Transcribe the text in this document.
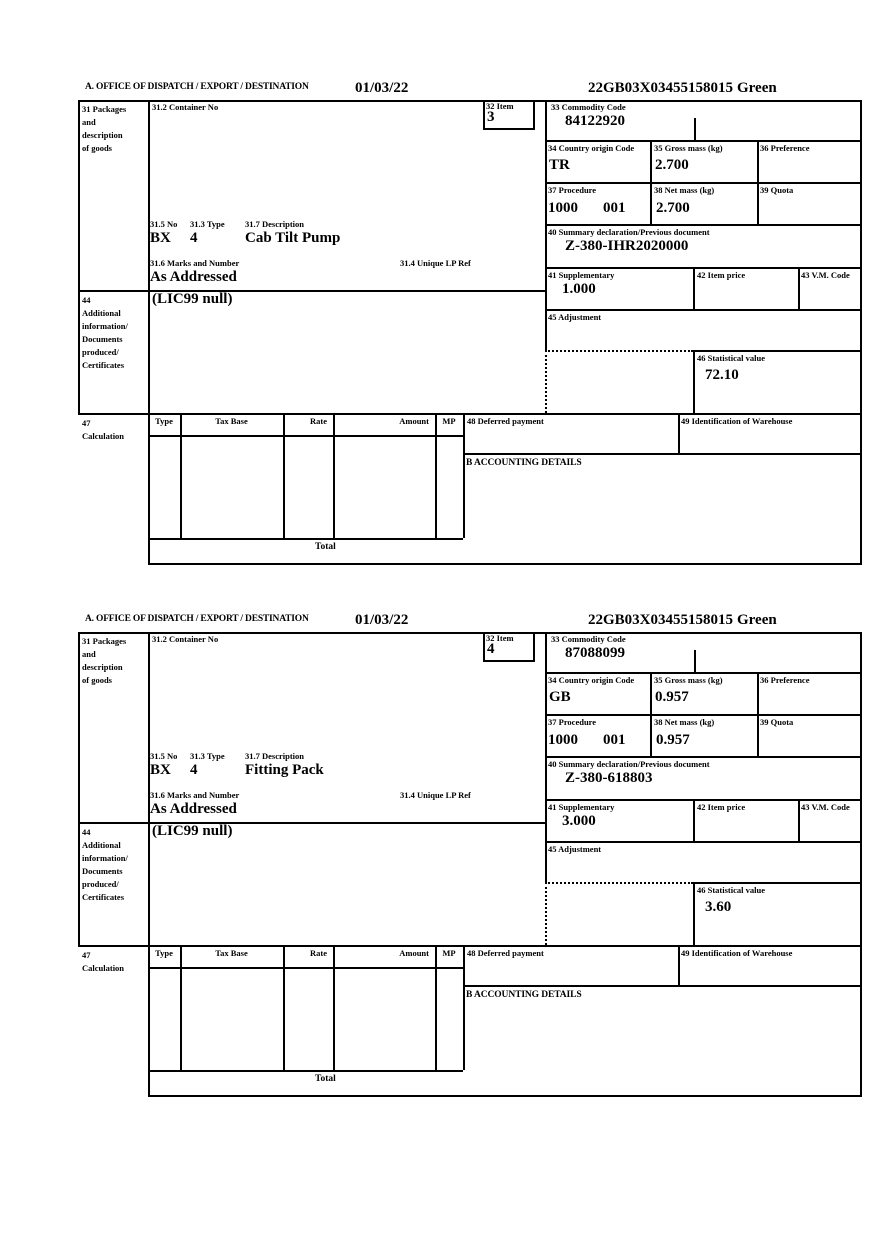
A. OFFICE OF DISPATCH / EXPORT / DESTINATION	01/03/22	22GB03X03455158015 Green
31 Packages
and
description
of goods
44
Additional
information/
Documents
produced/
Certificates
47
Calculation
31.2 Container No	32 Item
3
31.5 No 31.3 Type 31.7 Description
BX 4	Cab Tilt Pump
31.6 Marks and Number	31.4 Unique LP Ref
As Addressed
(LIC99 null)
33 Commodity Code
84122920
34 Country origin Code
TR
35 Gross mass (kg)
2.700
36 Preference
37 Procedure
1000 001
38 Net mass (kg)
2.700
39 Quota
40 Summary declaration/Previous document
Z-380-IHR2020000
41 Supplementary
1.000
42 Item price	43 V.M. Code
45 Adjustment
46 Statistical value
72.10
Type	Tax Base	Rate	Amount	MP	48 Deferred payment	49 Identification of Warehouse
B ACCOUNTING DETAILS
Total
A. OFFICE OF DISPATCH / EXPORT / DESTINATION	01/03/22	22GB03X03455158015 Green
31 Packages
and
description
of goods
44
Additional
information/
Documents
produced/
Certificates
47
Calculation
31.2 Container No	32 Item
4
31.5 No 31.3 Type 31.7 Description
BX 4	Fitting Pack
31.6 Marks and Number	31.4 Unique LP Ref
As Addressed
(LIC99 null)
33 Commodity Code
87088099
34 Country origin Code
GB
35 Gross mass (kg)
0.957
36 Preference
37 Procedure
1000 001
38 Net mass (kg)
0.957
39 Quota
40 Summary declaration/Previous document
Z-380-618803
41 Supplementary
3.000
42 Item price	43 V.M. Code
45 Adjustment
46 Statistical value
3.60
Type	Tax Base	Rate	Amount	MP	48 Deferred payment	49 Identification of Warehouse
B ACCOUNTING DETAILS
Total
